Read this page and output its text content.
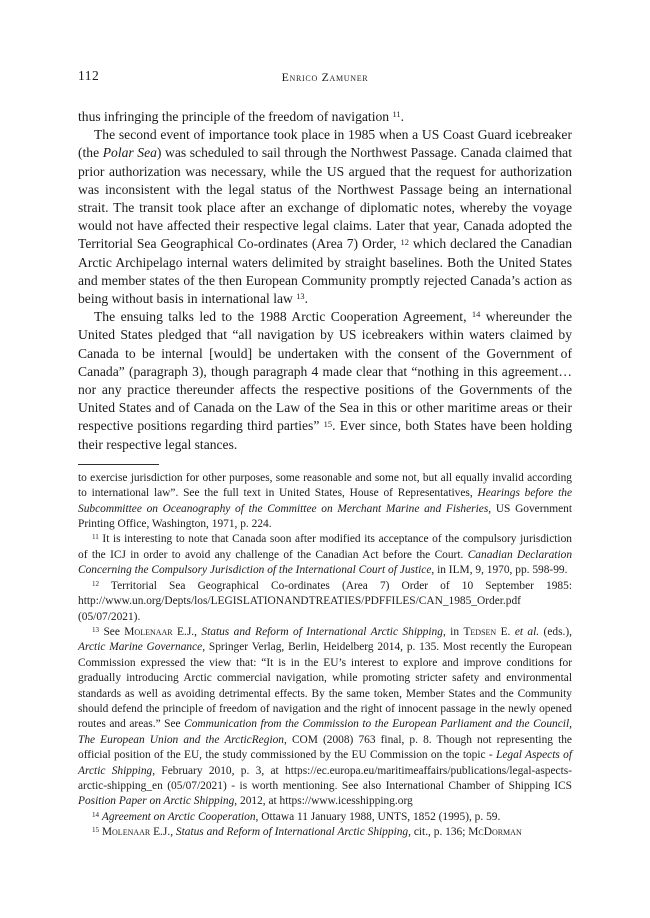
112	Enrico Zamuner

thus infringing the principle of the freedom of navigation $^{11}$.

The second event of importance took place in 1985 when a US Coast Guard icebreaker (the Polar Sea) was scheduled to sail through the Northwest Passage. Canada claimed that prior authorization was necessary, while the US argued that the request for authorization was inconsistent with the legal status of the Northwest Passage being an international strait. The transit took place after an exchange of diplomatic notes, whereby the voyage would not have affected their respective legal claims. Later that year, Canada adopted the Territorial Sea Geographical Co-ordinates (Area 7) Order, $^{12}$ which declared the Canadian Arctic Archipelago internal waters delimited by straight baselines. Both the United States and member states of the then European Community promptly rejected Canada’s action as being without basis in international law $^{13}$.

The ensuing talks led to the 1988 Arctic Cooperation Agreement, $^{14}$ whereunder the United States pledged that “all navigation by US icebreakers within waters claimed by Canada to be internal [would] be undertaken with the consent of the Government of Canada” (paragraph 3), though paragraph 4 made clear that “nothing in this agreement… nor any practice thereunder affects the respective positions of the Governments of the United States and of Canada on the Law of the Sea in this or other maritime areas or their respective positions regarding third parties” $^{15}$. Ever since, both States have been holding their respective legal stances.

to exercise jurisdiction for other purposes, some reasonable and some not, but all equally invalid according to international law”. See the full text in United States, House of Representatives, Hearings before the Subcommittee on Oceanography of the Committee on Merchant Marine and Fisheries, US Government Printing Office, Washington, 1971, p. 224.

$^{11}$ It is interesting to note that Canada soon after modified its acceptance of the compulsory jurisdiction of the ICJ in order to avoid any challenge of the Canadian Act before the Court. Canadian Declaration Concerning the Compulsory Jurisdiction of the International Court of Justice, in ILM, 9, 1970, pp. 598-99.

$^{12}$ Territorial Sea Geographical Co-ordinates (Area 7) Order of 10 September 1985: http://www.un.org/Depts/los/LEGISLATIONANDTREATIES/PDFFILES/CAN_1985_Order.pdf (05/07/2021).

$^{13}$ See Molenaar E.J., Status and Reform of International Arctic Shipping, in Tedsen E. et al. (eds.), Arctic Marine Governance, Springer Verlag, Berlin, Heidelberg 2014, p. 135. Most recently the European Commission expressed the view that: “It is in the EU’s interest to explore and improve conditions for gradually introducing Arctic commercial navigation, while promoting stricter safety and environmental standards as well as avoiding detrimental effects. By the same token, Member States and the Community should defend the principle of freedom of navigation and the right of innocent passage in the newly opened routes and areas.” See Communication from the Commission to the European Parliament and the Council, The European Union and the ArcticRegion, COM (2008) 763 final, p. 8. Though not representing the official position of the EU, the study commissioned by the EU Commission on the topic - Legal Aspects of Arctic Shipping, February 2010, p. 3, at https://ec.europa.eu/maritimeaffairs/publications/legal-aspects-arctic-shipping_en (05/07/2021) - is worth mentioning. See also International Chamber of Shipping ICS Position Paper on Arctic Shipping, 2012, at https://www.icesshipping.org

$^{14}$ Agreement on Arctic Cooperation, Ottawa 11 January 1988, UNTS, 1852 (1995), p. 59.

$^{15}$ Molenaar E.J., Status and Reform of International Arctic Shipping, cit., p. 136; McDorman
